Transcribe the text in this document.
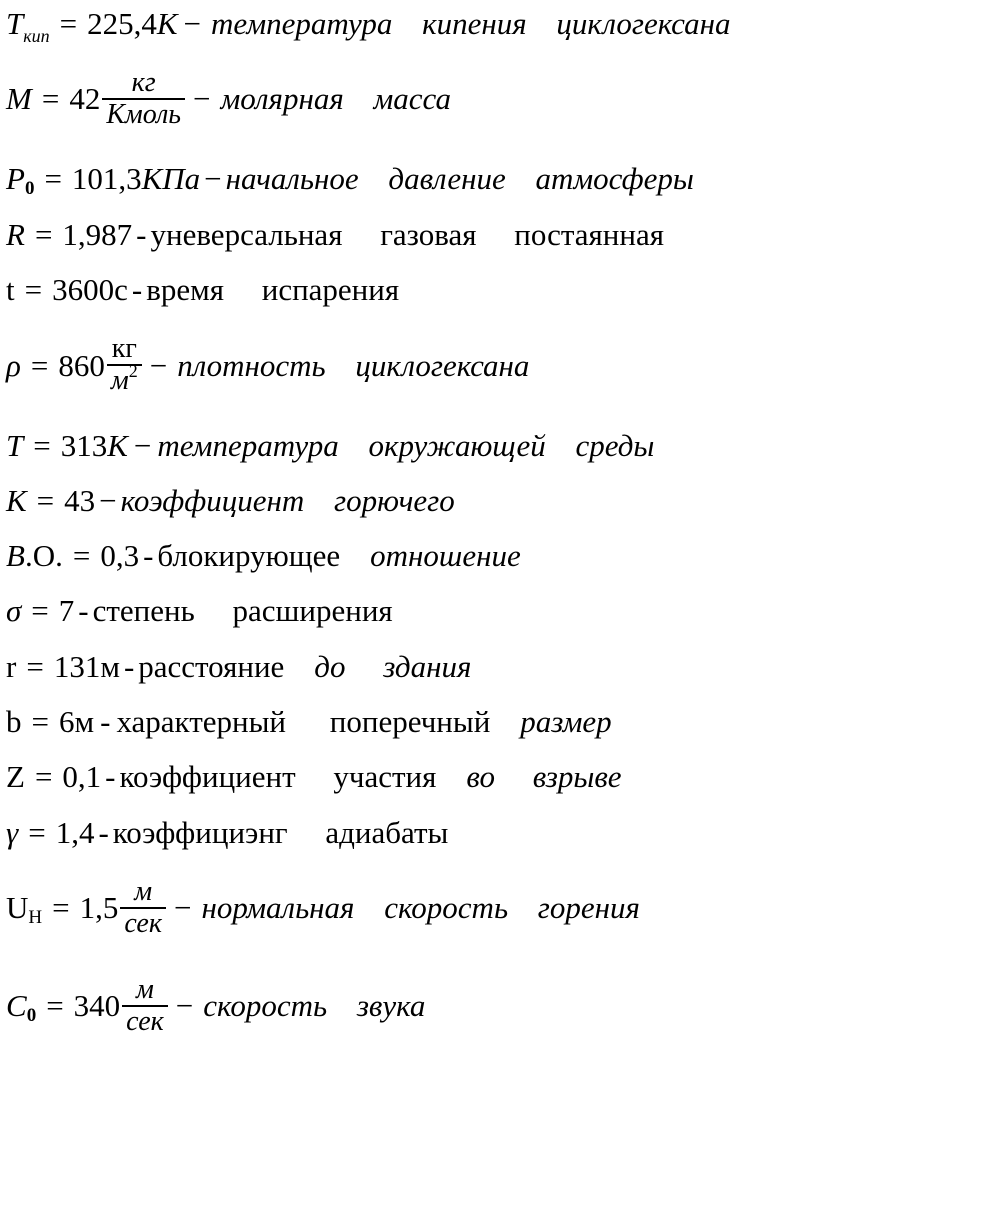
T кип = 225,4 К − температура кипения циклогексана
$M = 42 \frac{кг}{\text{Кмоль}}$ − молярная масса
P 0 = 101,3 КПа − начальное давление атмосферы
R = 1,987 - уневерсальная газовая постаянная
t = 3600с - время испарения
$\rho = 860 \frac{кг}{м^2}$ − плотность циклогексана
T = 313 К − температура окружающей среды
К = 43 − коэффициент горючего
B .О. = 0,3 - блокирующее отношение
σ = 7 - степень расширения
r = 131м - расстояние до здания
b = 6м - характерный поперечный размер
Z = 0,1 - коэффициент участия во взрыве
γ = 1,4 - коэффициэнг адиабаты
U $Н = 1,5 \frac{м}{\text{сек}}$ − нормальная скорость горения
C $0 = 340 \frac{м}{\text{сек}}$ − скорость звука
